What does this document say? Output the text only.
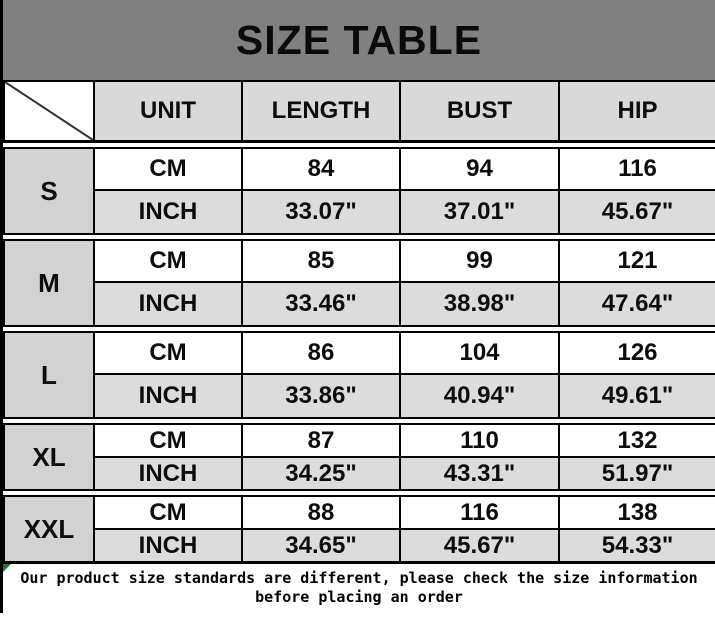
SIZE TABLE
UNIT	LENGTH	BUST	HIP
S
CM	84	94	116
INCH	33.07"	37.01"	45.67"
M
CM	85	99	121
INCH	33.46"	38.98"	47.64"
L
CM	86	104	126
INCH	33.86"	40.94"	49.61"
XL
CM	87	110	132
INCH	34.25"	43.31"	51.97"
XXL
CM	88	116	138
INCH	34.65"	45.67"	54.33"
Our product size standards are different, please check the size information
before placing an order
